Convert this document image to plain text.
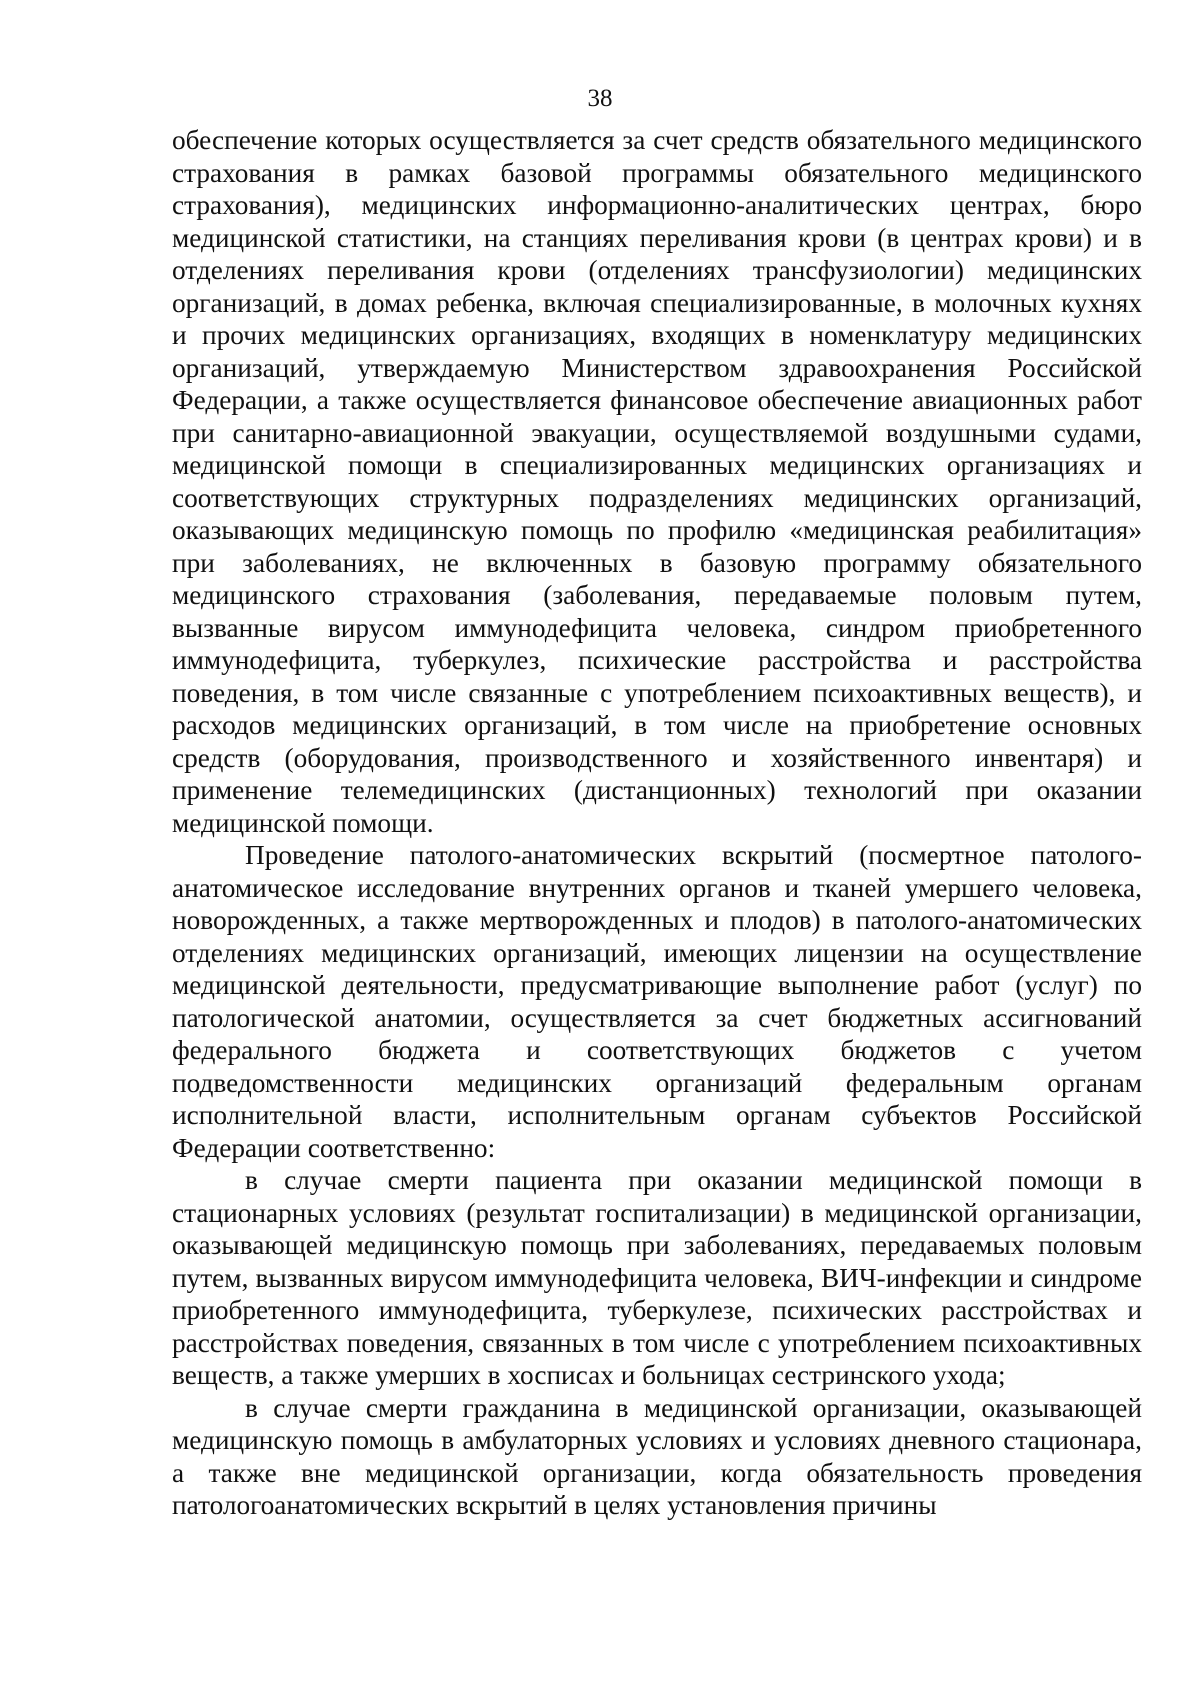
38

обеспечение которых осуществляется за счет средств обязательного медицинского страхования в рамках базовой программы обязательного медицинского страхования), медицинских информационно-аналитических центрах, бюро медицинской статистики, на станциях переливания крови (в центрах крови) и в отделениях переливания крови (отделениях трансфузиологии) медицинских организаций, в домах ребенка, включая специализированные, в молочных кухнях и прочих медицинских организациях, входящих в номенклатуру медицинских организаций, утверждаемую Министерством здравоохранения Российской Федерации, а также осуществляется финансовое обеспечение авиационных работ при санитарно-авиационной эвакуации, осуществляемой воздушными судами, медицинской помощи в специализированных медицинских организациях и соответствующих структурных подразделениях медицинских организаций, оказывающих медицинскую помощь по профилю «медицинская реабилитация» при заболеваниях, не включенных в базовую программу обязательного медицинского страхования (заболевания, передаваемые половым путем, вызванные вирусом иммунодефицита человека, синдром приобретенного иммунодефицита, туберкулез, психические расстройства и расстройства поведения, в том числе связанные с употреблением психоактивных веществ), и расходов медицинских организаций, в том числе на приобретение основных средств (оборудования, производственного и хозяйственного инвентаря) и применение телемедицинских (дистанционных) технологий при оказании медицинской помощи.

Проведение патолого-анатомических вскрытий (посмертное патолого-анатомическое исследование внутренних органов и тканей умершего человека, новорожденных, а также мертворожденных и плодов) в патолого-анатомических отделениях медицинских организаций, имеющих лицензии на осуществление медицинской деятельности, предусматривающие выполнение работ (услуг) по патологической анатомии, осуществляется за счет бюджетных ассигнований федерального бюджета и соответствующих бюджетов с учетом подведомственности медицинских организаций федеральным органам исполнительной власти, исполнительным органам субъектов Российской Федерации соответственно:

в случае смерти пациента при оказании медицинской помощи в стационарных условиях (результат госпитализации) в медицинской организации, оказывающей медицинскую помощь при заболеваниях, передаваемых половым путем, вызванных вирусом иммунодефицита человека, ВИЧ-инфекции и синдроме приобретенного иммунодефицита, туберкулезе, психических расстройствах и расстройствах поведения, связанных в том числе с употреблением психоактивных веществ, а также умерших в хосписах и больницах сестринского ухода;

в случае смерти гражданина в медицинской организации, оказывающей медицинскую помощь в амбулаторных условиях и условиях дневного стационара, а также вне медицинской организации, когда обязательность проведения патологоанатомических вскрытий в целях установления причины
